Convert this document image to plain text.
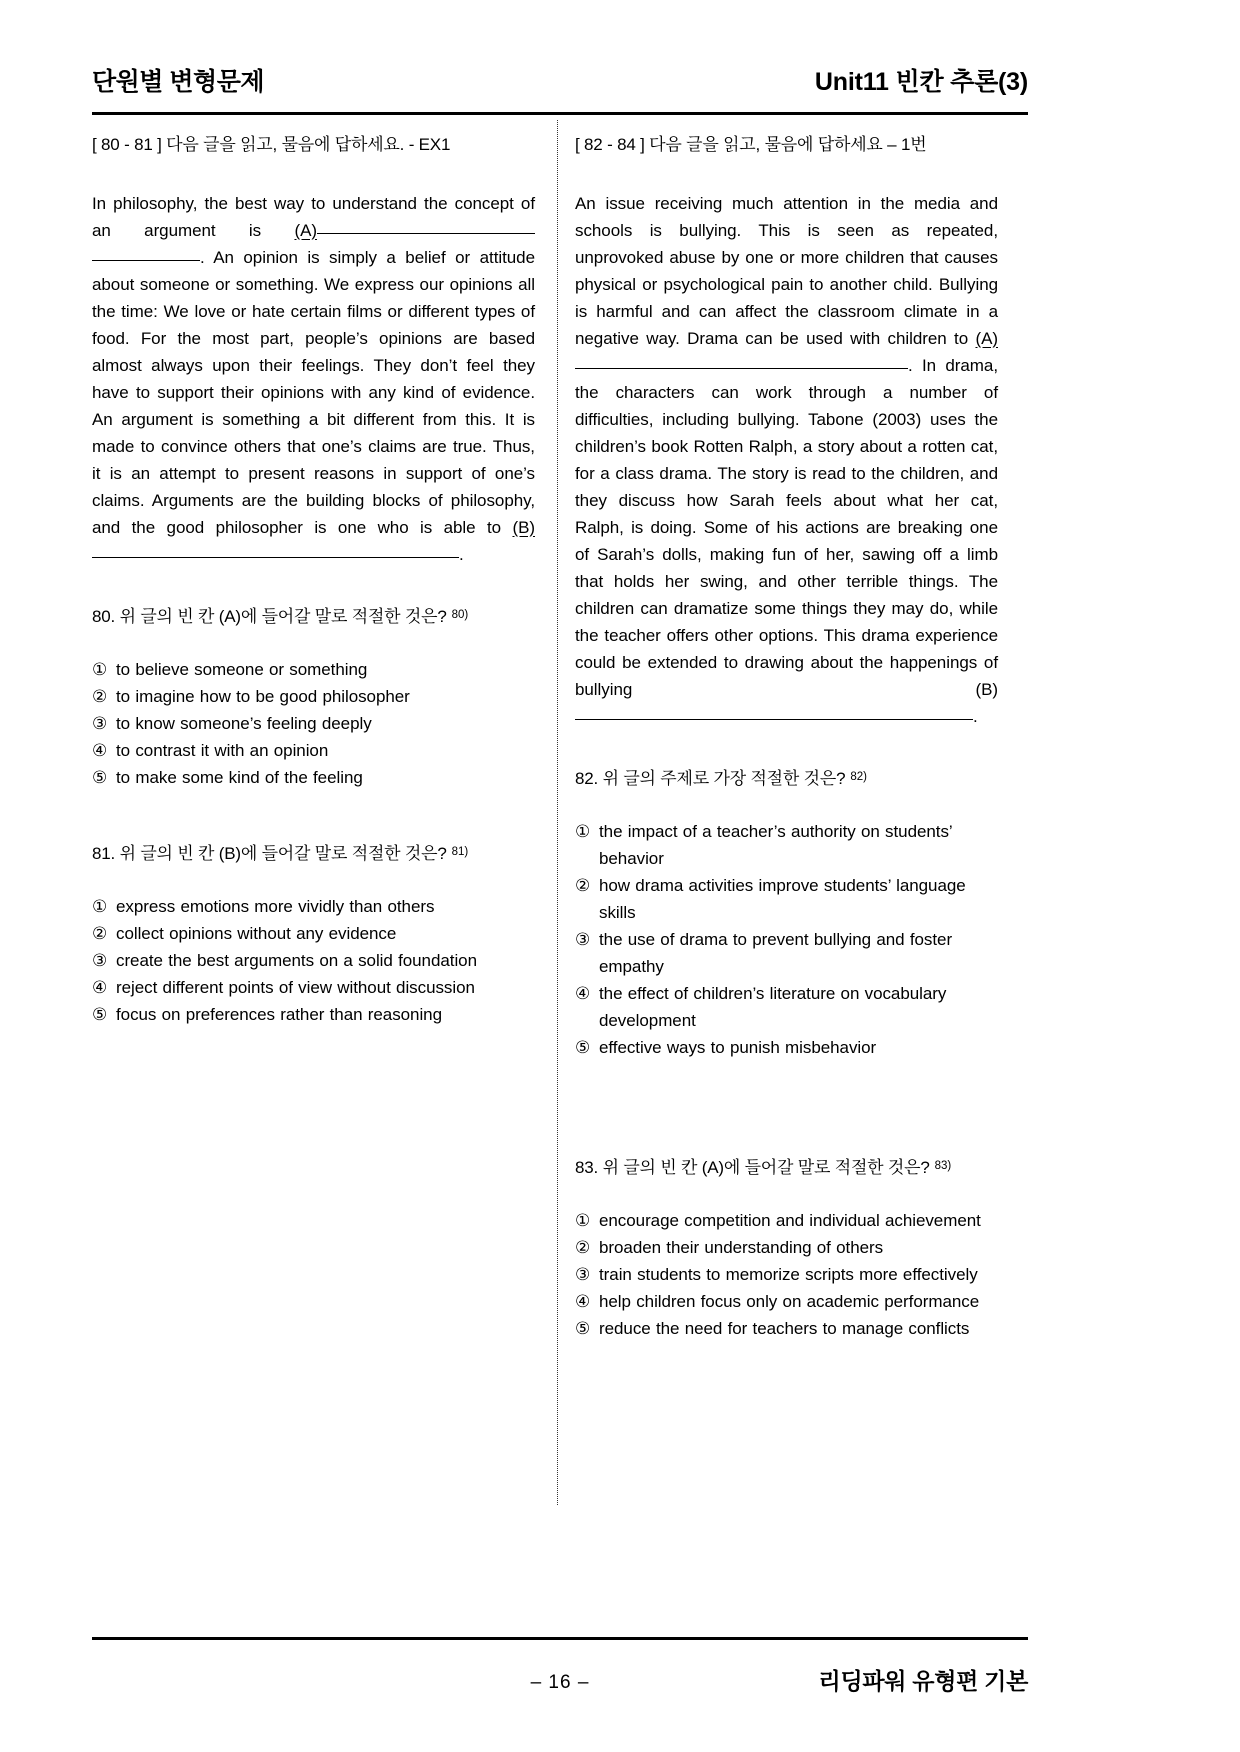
단원별 변형문제	Unit11 빈칸 추론(3)
[ 80 - 81 ] 다음 글을 읽고, 물음에 답하세요. - EX1
In philosophy, the best way to understand the concept of an argument is (A). An opinion is simply a belief or attitude about someone or something. We express our opinions all the time: We love or hate certain films or different types of food. For the most part, people’s opinions are based almost always upon their feelings. They don’t feel they have to support their opinions with any kind of evidence. An argument is something a bit different from this. It is made to convince others that one’s claims are true. Thus, it is an attempt to present reasons in support of one’s claims. Arguments are the building blocks of philosophy, and the good philosopher is one who is able to (B).
80. 위 글의 빈 칸 (A)에 들어갈 말로 적절한 것은? $^{80)}$
① to believe someone or something
② to imagine how to be good philosopher
③ to know someone’s feeling deeply
④ to contrast it with an opinion
⑤ to make some kind of the feeling
81. 위 글의 빈 칸 (B)에 들어갈 말로 적절한 것은? $^{81)}$
① express emotions more vividly than others
② collect opinions without any evidence
③ create the best arguments on a solid foundation
④ reject different points of view without discussion
⑤ focus on preferences rather than reasoning
[ 82 - 84 ] 다음 글을 읽고, 물음에 답하세요 – 1번
An issue receiving much attention in the media and schools is bullying. This is seen as repeated, unprovoked abuse by one or more children that causes physical or psychological pain to another child. Bullying is harmful and can affect the classroom climate in a negative way. Drama can be used with children to (A). In drama, the characters can work through a number of difficulties, including bullying. Tabone (2003) uses the children’s book Rotten Ralph, a story about a rotten cat, for a class drama. The story is read to the children, and they discuss how Sarah feels about what her cat, Ralph, is doing. Some of his actions are breaking one of Sarah’s dolls, making fun of her, sawing off a limb that holds her swing, and other terrible things. The children can dramatize some things they may do, while the teacher offers other options. This drama experience could be extended to drawing about the happenings of bullying	(B).
82. 위 글의 주제로 가장 적절한 것은? $^{82)}$
① the impact of a teacher’s authority on students’ behavior
② how drama activities improve students’ language skills
③ the use of drama to prevent bullying and foster empathy
④ the effect of children’s literature on vocabulary development
⑤ effective ways to punish misbehavior
83. 위 글의 빈 칸 (A)에 들어갈 말로 적절한 것은? $^{83)}$
① encourage competition and individual achievement
② broaden their understanding of others
③ train students to memorize scripts more effectively
④ help children focus only on academic performance
⑤ reduce the need for teachers to manage conflicts
– 16 –	리딩파워 유형편 기본
